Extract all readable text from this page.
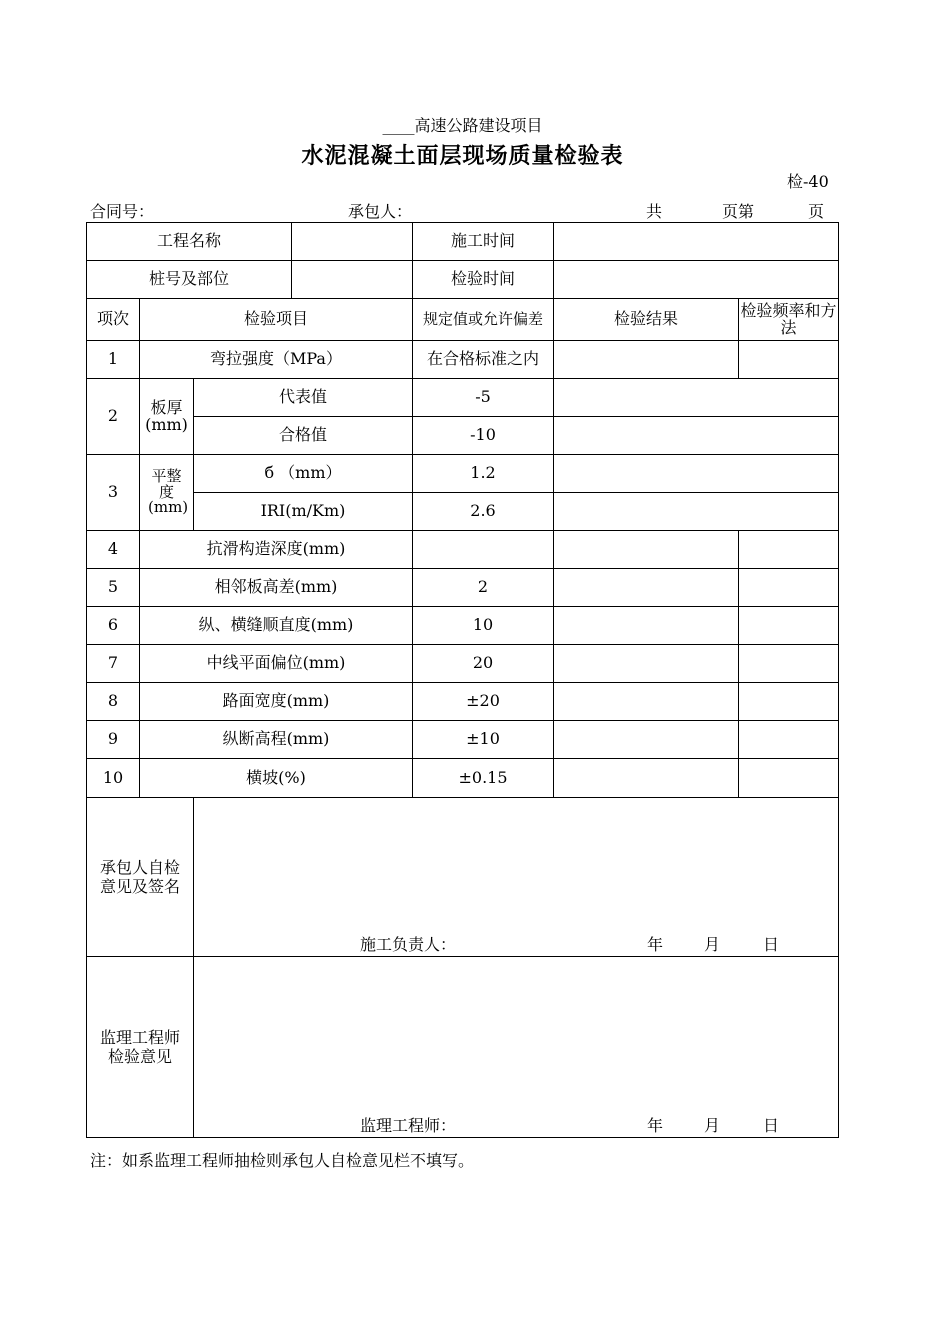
____高速公路建设项目
水泥混凝土面层现场质量检验表
检-40
合同号：	承包人：	共	页第	页
工程名称				施工时间		
桩号及部位				检验时间		
项次	检验项目			规定值或允许偏差	检验结果	检验频率和方法
1	弯拉强度（MPa）			在合格标准之内		
2	板厚(mm)	代表值		-5		
		合格值		-10		
3	平整度(mm)	б （mm）		1.2		
		IRI(m/Km)		2.6		
4	抗滑构造深度(mm)					
5	相邻板高差(mm)			2		
6	纵、横缝顺直度(mm)			10		
7	中线平面偏位(mm)			20		
8	路面宽度(mm)			±20		
9	纵断高程(mm)			±10		
10	横坡(%)			±0.15		
承包人自检意见及签名		施工负责人： 年 月 日				

监理工程师检验意见		监理工程师： 年 月 日				
注：如系监理工程师抽检则承包人自检意见栏不填写。
